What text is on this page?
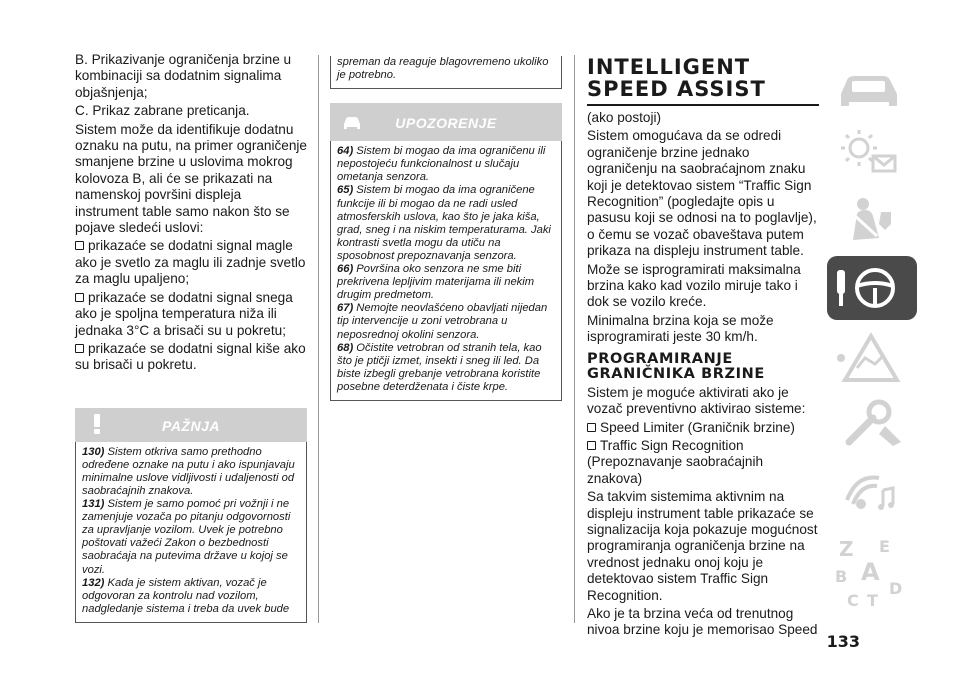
B. Prikazivanje ograničenja brzine u kombinaciji sa dodatnim signalima objašnjenja;

C. Prikaz zabrane preticanja.

Sistem može da identifikuje dodatnu oznaku na putu, na primer ograničenje smanjene brzine u uslovima mokrog kolovoza B, ali će se prikazati na namenskoj površini displeja instrument table samo nakon što se pojave sledeći uslovi:

prikazaće se dodatni signal magle ako je svetlo za maglu ili zadnje svetlo za maglu upaljeno;

prikazaće se dodatni signal snega ako je spoljna temperatura niža ili jednaka 3°C a brisači su u pokretu;

prikazaće se dodatni signal kiše ako su brisači u pokretu.

PAŽNJA

130) Sistem otkriva samo prethodno određene oznake na putu i ako ispunjavaju minimalne uslove vidljivosti i udaljenosti od saobraćajnih znakova.

131) Sistem je samo pomoć pri vožnji i ne zamenjuje vozača po pitanju odgovornosti za upravljanje vozilom. Uvek je potrebno poštovati važeći Zakon o bezbednosti saobraćaja na putevima države u kojoj se vozi.

132) Kada je sistem aktivan, vozač je odgovoran za kontrolu nad vozilom, nadgledanje sistema i treba da uvek bude

spreman da reaguje blagovremeno ukoliko je potrebno.

UPOZORENJE

64) Sistem bi mogao da ima ograničenu ili nepostojeću funkcionalnost u slučaju ometanja senzora.

65) Sistem bi mogao da ima ograničene funkcije ili bi mogao da ne radi usled atmosferskih uslova, kao što je jaka kiša, grad, sneg i na niskim temperaturama. Jaki kontrasti svetla mogu da utiču na sposobnost prepoznavanja senzora.

66) Površina oko senzora ne sme biti prekrivena lepljivim materijama ili nekim drugim predmetom.

67) Nemojte neovlašćeno obavljati nijedan tip intervencije u zoni vetrobrana u neposrednoj okolini senzora.

68) Očistite vetrobran od stranih tela, kao što je ptičji izmet, insekti i sneg ili led. Da biste izbegli grebanje vetrobrana koristite posebne deterdženata i čiste krpe.

INTELLIGENT SPEED ASSIST

(ako postoji)

Sistem omogućava da se odredi ograničenje brzine jednako ograničenju na saobraćajnom znaku koji je detektovao sistem “Traffic Sign Recognition” (pogledajte opis u pasusu koji se odnosi na to poglavlje), o čemu se vozač obaveštava putem prikaza na displeju instrument table.

Može se isprogramirati maksimalna brzina kako kad vozilo miruje tako i dok se vozilo kreće.

Minimalna brzina koja se može isprogramirati jeste 30 km/h.

PROGRAMIRANJE GRANIČNIKA BRZINE

Sistem je moguće aktivirati ako je vozač preventivno aktivirao sisteme:

Speed Limiter (Graničnik brzine)

Traffic Sign Recognition (Prepoznavanje saobraćajnih znakova)

Sa takvim sistemima aktivnim na displeju instrument table prikazaće se signalizacija koja pokazuje mogućnost programiranja ograničenja brzine na vrednost jednaku onoj koju je detektovao sistem Traffic Sign Recognition.

Ako je ta brzina veća od trenutnog nivoa brzine koju je memorisao Speed

Z E
B A
C T
D
133
